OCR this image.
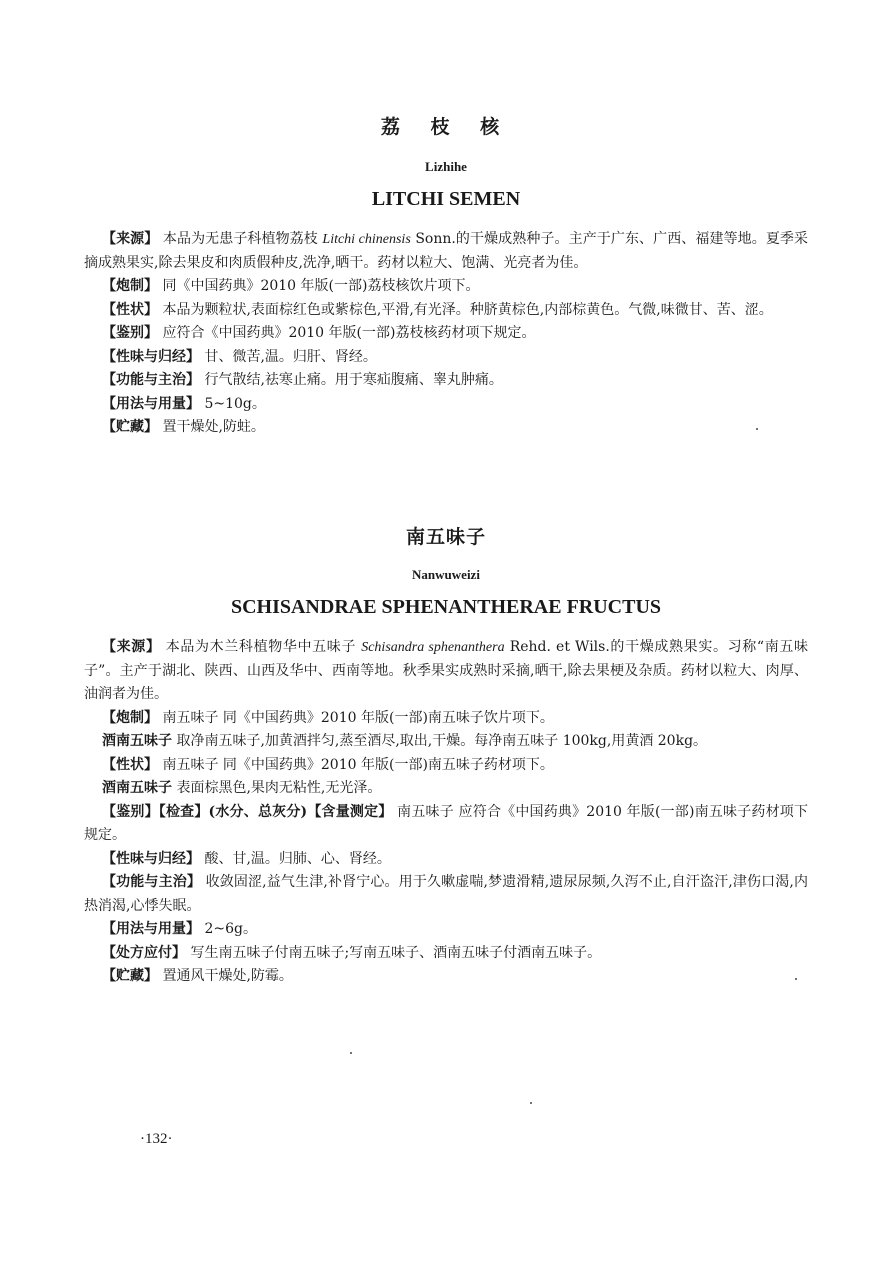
荔 枝 核

Lizhihe

LITCHI SEMEN

【来源】 本品为无患子科植物荔枝 Litchi chinensis Sonn.的干燥成熟种子。主产于广东、广西、福建等地。夏季采摘成熟果实,除去果皮和肉质假种皮,洗净,晒干。药材以粒大、饱满、光亮者为佳。

【炮制】 同《中国药典》2010 年版(一部)荔枝核饮片项下。

【性状】 本品为颗粒状,表面棕红色或紫棕色,平滑,有光泽。种脐黄棕色,内部棕黄色。气微,味微甘、苦、涩。

【鉴别】 应符合《中国药典》2010 年版(一部)荔枝核药材项下规定。

【性味与归经】 甘、微苦,温。归肝、肾经。

【功能与主治】 行气散结,祛寒止痛。用于寒疝腹痛、睾丸肿痛。

【用法与用量】 5~10g。

【贮藏】 置干燥处,防蛀。

南五味子

Nanwuweizi

SCHISANDRAE SPHENANTHERAE FRUCTUS

【来源】 本品为木兰科植物华中五味子 Schisandra sphenanthera Rehd. et Wils.的干燥成熟果实。习称“南五味子”。主产于湖北、陕西、山西及华中、西南等地。秋季果实成熟时采摘,晒干,除去果梗及杂质。药材以粒大、肉厚、油润者为佳。

【炮制】 南五味子 同《中国药典》2010 年版(一部)南五味子饮片项下。

酒南五味子 取净南五味子,加黄酒拌匀,蒸至酒尽,取出,干燥。每净南五味子 100kg,用黄酒 20kg。

【性状】 南五味子 同《中国药典》2010 年版(一部)南五味子药材项下。

酒南五味子 表面棕黑色,果肉无粘性,无光泽。

【鉴别】【检查】(水分、总灰分)【含量测定】 南五味子 应符合《中国药典》2010 年版(一部)南五味子药材项下规定。

【性味与归经】 酸、甘,温。归肺、心、肾经。

【功能与主治】 收敛固涩,益气生津,补肾宁心。用于久嗽虚喘,梦遗滑精,遗尿尿频,久泻不止,自汗盗汗,津伤口渴,内热消渴,心悸失眠。

【用法与用量】 2~6g。

【处方应付】 写生南五味子付南五味子;写南五味子、酒南五味子付酒南五味子。

【贮藏】 置通风干燥处,防霉。

·132·
